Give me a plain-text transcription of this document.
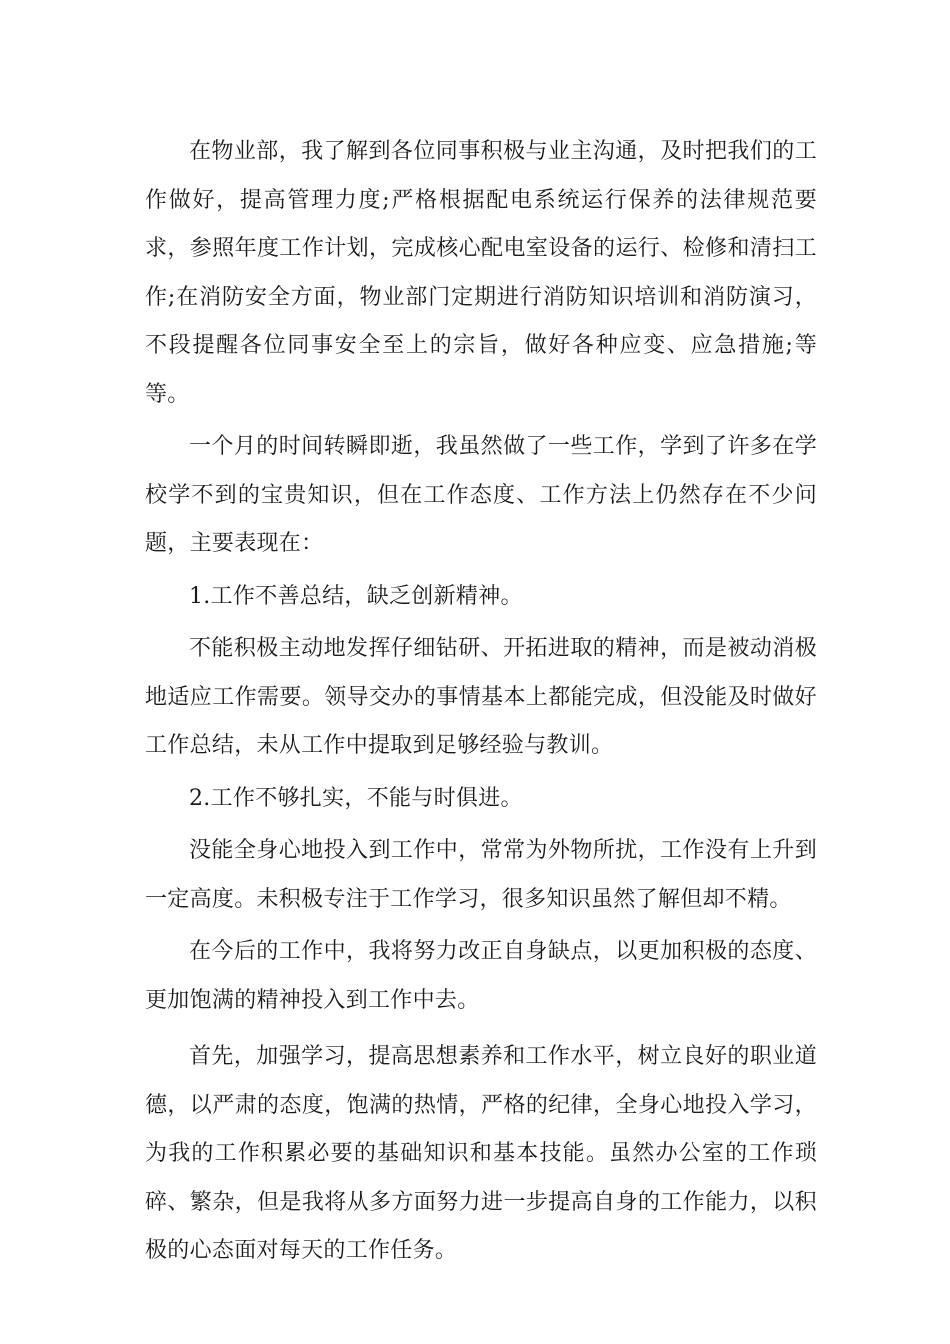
在物业部，我了解到各位同事积极与业主沟通，及时把我们的工作做好，提高管理力度;严格根据配电系统运行保养的法律规范要求，参照年度工作计划，完成核心配电室设备的运行、检修和清扫工作;在消防安全方面，物业部门定期进行消防知识培训和消防演习，不段提醒各位同事安全至上的宗旨，做好各种应变、应急措施;等等。

一个月的时间转瞬即逝，我虽然做了一些工作，学到了许多在学校学不到的宝贵知识，但在工作态度、工作方法上仍然存在不少问题，主要表现在：

1.工作不善总结，缺乏创新精神。

不能积极主动地发挥仔细钻研、开拓进取的精神，而是被动消极地适应工作需要。领导交办的事情基本上都能完成，但没能及时做好工作总结，未从工作中提取到足够经验与教训。

2.工作不够扎实，不能与时俱进。

没能全身心地投入到工作中，常常为外物所扰，工作没有上升到一定高度。未积极专注于工作学习，很多知识虽然了解但却不精。

在今后的工作中，我将努力改正自身缺点，以更加积极的态度、更加饱满的精神投入到工作中去。

首先，加强学习，提高思想素养和工作水平，树立良好的职业道德，以严肃的态度，饱满的热情，严格的纪律，全身心地投入学习，为我的工作积累必要的基础知识和基本技能。虽然办公室的工作琐碎、繁杂，但是我将从多方面努力进一步提高自身的工作能力，以积极的心态面对每天的工作任务。
